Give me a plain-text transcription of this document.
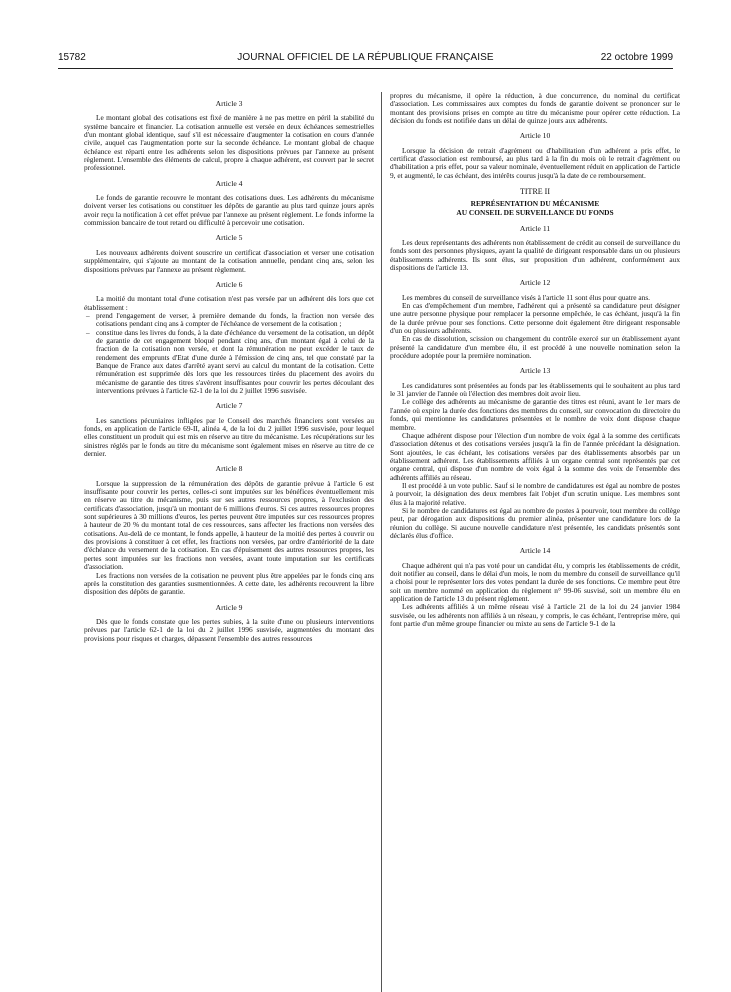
15782	JOURNAL OFFICIEL DE LA RÉPUBLIQUE FRANÇAISE	22 octobre 1999
Article 3

Le montant global des cotisations est fixé de manière à ne pas mettre en péril la stabilité du système bancaire et financier. La cotisation annuelle est versée en deux échéances semestrielles d'un montant global identique, sauf s'il est nécessaire d'augmenter la cotisation en cours d'année civile, auquel cas l'augmentation porte sur la seconde échéance. Le montant global de chaque échéance est réparti entre les adhérents selon les dispositions prévues par l'annexe au présent règlement. L'ensemble des éléments de calcul, propre à chaque adhérent, est couvert par le secret professionnel.

Article 4

Le fonds de garantie recouvre le montant des cotisations dues. Les adhérents du mécanisme doivent verser les cotisations ou constituer les dépôts de garantie au plus tard quinze jours après avoir reçu la notification à cet effet prévue par l'annexe au présent règlement. Le fonds informe la commission bancaire de tout retard ou difficulté à percevoir une cotisation.

Article 5

Les nouveaux adhérents doivent souscrire un certificat d'association et verser une cotisation supplémentaire, qui s'ajoute au montant de la cotisation annuelle, pendant cinq ans, selon les dispositions prévues par l'annexe au présent règlement.

Article 6

La moitié du montant total d'une cotisation n'est pas versée par un adhérent dès lors que cet établissement :

– prend l'engagement de verser, à première demande du fonds, la fraction non versée des cotisations pendant cinq ans à compter de l'échéance de versement de la cotisation ;
– constitue dans les livres du fonds, à la date d'échéance du versement de la cotisation, un dépôt de garantie de cet engagement bloqué pendant cinq ans, d'un montant égal à celui de la fraction de la cotisation non versée, et dont la rémunération ne peut excéder le taux de rendement des emprunts d'Etat d'une durée à l'émission de cinq ans, tel que constaté par la Banque de France aux dates d'arrêté ayant servi au calcul du montant de la cotisation. Cette rémunération est supprimée dès lors que les ressources tirées du placement des avoirs du mécanisme de garantie des titres s'avèrent insuffisantes pour couvrir les pertes découlant des interventions prévues à l'article 62-1 de la loi du 2 juillet 1996 susvisée.
Article 7

Les sanctions pécuniaires infligées par le Conseil des marchés financiers sont versées au fonds, en application de l'article 69-II, alinéa 4, de la loi du 2 juillet 1996 susvisée, pour lequel elles constituent un produit qui est mis en réserve au titre du mécanisme. Les récupérations sur les sinistres réglés par le fonds au titre du mécanisme sont également mises en réserve au titre de ce dernier.

Article 8

Lorsque la suppression de la rémunération des dépôts de garantie prévue à l'article 6 est insuffisante pour couvrir les pertes, celles-ci sont imputées sur les bénéfices éventuellement mis en réserve au titre du mécanisme, puis sur ses autres ressources propres, à l'exclusion des certificats d'association, jusqu'à un montant de 6 millions d'euros. Si ces autres ressources propres sont supérieures à 30 millions d'euros, les pertes peuvent être imputées sur ces ressources propres à hauteur de 20 % du montant total de ces ressources, sans affecter les fractions non versées des cotisations. Au-delà de ce montant, le fonds appelle, à hauteur de la moitié des pertes à couvrir ou des provisions à constituer à cet effet, les fractions non versées, par ordre d'antériorité de la date d'échéance du versement de la cotisation. En cas d'épuisement des autres ressources propres, les pertes sont imputées sur les fractions non versées, avant toute imputation sur les certificats d'association.

Les fractions non versées de la cotisation ne peuvent plus être appelées par le fonds cinq ans après la constitution des garanties susmentionnées. A cette date, les adhérents recouvrent la libre disposition des dépôts de garantie.

Article 9

Dès que le fonds constate que les pertes subies, à la suite d'une ou plusieurs interventions prévues par l'article 62-1 de la loi du 2 juillet 1996 susvisée, augmentées du montant des provisions pour risques et charges, dépassent l'ensemble des autres ressources

propres du mécanisme, il opère la réduction, à due concurrence, du nominal du certificat d'association. Les commissaires aux comptes du fonds de garantie doivent se prononcer sur le montant des provisions prises en compte au titre du mécanisme pour opérer cette réduction. La décision du fonds est notifiée dans un délai de quinze jours aux adhérents.

Article 10

Lorsque la décision de retrait d'agrément ou d'habilitation d'un adhérent a pris effet, le certificat d'association est remboursé, au plus tard à la fin du mois où le retrait d'agrément ou d'habilitation a pris effet, pour sa valeur nominale, éventuellement réduit en application de l'article 9, et augmenté, le cas échéant, des intérêts courus jusqu'à la date de ce remboursement.

TITRE II
REPRÉSENTATION DU MÉCANISME
AU CONSEIL DE SURVEILLANCE DU FONDS
Article 11

Les deux représentants des adhérents non établissement de crédit au conseil de surveillance du fonds sont des personnes physiques, ayant la qualité de dirigeant responsable dans un ou plusieurs établissements adhérents. Ils sont élus, sur proposition d'un adhérent, conformément aux dispositions de l'article 13.

Article 12

Les membres du conseil de surveillance visés à l'article 11 sont élus pour quatre ans.

En cas d'empêchement d'un membre, l'adhérent qui a présenté sa candidature peut désigner une autre personne physique pour remplacer la personne empêchée, le cas échéant, jusqu'à la fin de la durée prévue pour ses fonctions. Cette personne doit également être dirigeant responsable d'un ou plusieurs adhérents.

En cas de dissolution, scission ou changement du contrôle exercé sur un établissement ayant présenté la candidature d'un membre élu, il est procédé à une nouvelle nomination selon la procédure adoptée pour la première nomination.

Article 13

Les candidatures sont présentées au fonds par les établissements qui le souhaitent au plus tard le 31 janvier de l'année où l'élection des membres doit avoir lieu.

Le collège des adhérents au mécanisme de garantie des titres est réuni, avant le 1er mars de l'année où expire la durée des fonctions des membres du conseil, sur convocation du directoire du fonds, qui mentionne les candidatures présentées et le nombre de voix dont dispose chaque membre.

Chaque adhérent dispose pour l'élection d'un nombre de voix égal à la somme des certificats d'association détenus et des cotisations versées jusqu'à la fin de l'année précédant la désignation. Sont ajoutées, le cas échéant, les cotisations versées par des établissements absorbés par un établissement adhérent. Les établissements affiliés à un organe central sont représentés par cet organe central, qui dispose d'un nombre de voix égal à la somme des voix de l'ensemble des adhérents affiliés au réseau.

Il est procédé à un vote public. Sauf si le nombre de candidatures est égal au nombre de postes à pourvoir, la désignation des deux membres fait l'objet d'un scrutin unique. Les membres sont élus à la majorité relative.

Si le nombre de candidatures est égal au nombre de postes à pourvoir, tout membre du collège peut, par dérogation aux dispositions du premier alinéa, présenter une candidature lors de la réunion du collège. Si aucune nouvelle candidature n'est présentée, les candidats présentés sont déclarés élus d'office.

Article 14

Chaque adhérent qui n'a pas voté pour un candidat élu, y compris les établissements de crédit, doit notifier au conseil, dans le délai d'un mois, le nom du membre du conseil de surveillance qu'il a choisi pour le représenter lors des votes pendant la durée de ses fonctions. Ce membre peut être soit un membre nommé en application du règlement n° 99-06 susvisé, soit un membre élu en application de l'article 13 du présent règlement.

Les adhérents affiliés à un même réseau visé à l'article 21 de la loi du 24 janvier 1984 susvisée, ou les adhérents non affiliés à un réseau, y compris, le cas échéant, l'entreprise mère, qui font partie d'un même groupe financier ou mixte au sens de l'article 9-1 de la
